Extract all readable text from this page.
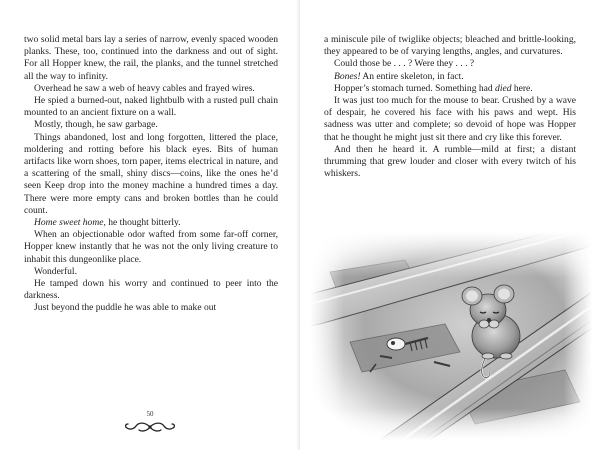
two solid metal bars lay a series of narrow, evenly spaced wooden planks. These, too, continued into the darkness and out of sight. For all Hopper knew, the rail, the planks, and the tunnel stretched all the way to infinity.

Overhead he saw a web of heavy cables and frayed wires.

He spied a burned-out, naked lightbulb with a rusted pull chain mounted to an ancient fixture on a wall.

Mostly, though, he saw garbage.

Things abandoned, lost and long forgotten, littered the place, moldering and rotting before his black eyes. Bits of human artifacts like worn shoes, torn paper, items electrical in nature, and a scattering of the small, shiny discs—coins, like the ones he’d seen Keep drop into the money machine a hundred times a day. There were more empty cans and broken bottles than he could count.

Home sweet home, he thought bitterly.

When an objectionable odor wafted from some far-off corner, Hopper knew instantly that he was not the only living creature to inhabit this dungeonlike place.

Wonderful.

He tamped down his worry and continued to peer into the darkness.

Just beyond the puddle he was able to make out

50

a miniscule pile of twiglike objects; bleached and brittle-looking, they appeared to be of varying lengths, angles, and curvatures.

Could those be . . . ? Were they . . . ?

Bones! An entire skeleton, in fact.

Hopper’s stomach turned. Something had died here.

It was just too much for the mouse to bear. Crushed by a wave of despair, he covered his face with his paws and wept. His sadness was utter and complete; so devoid of hope was Hopper that he thought he might just sit there and cry like this forever.

And then he heard it. A rumble—mild at first; a distant thrumming that grew louder and closer with every twitch of his whiskers.
